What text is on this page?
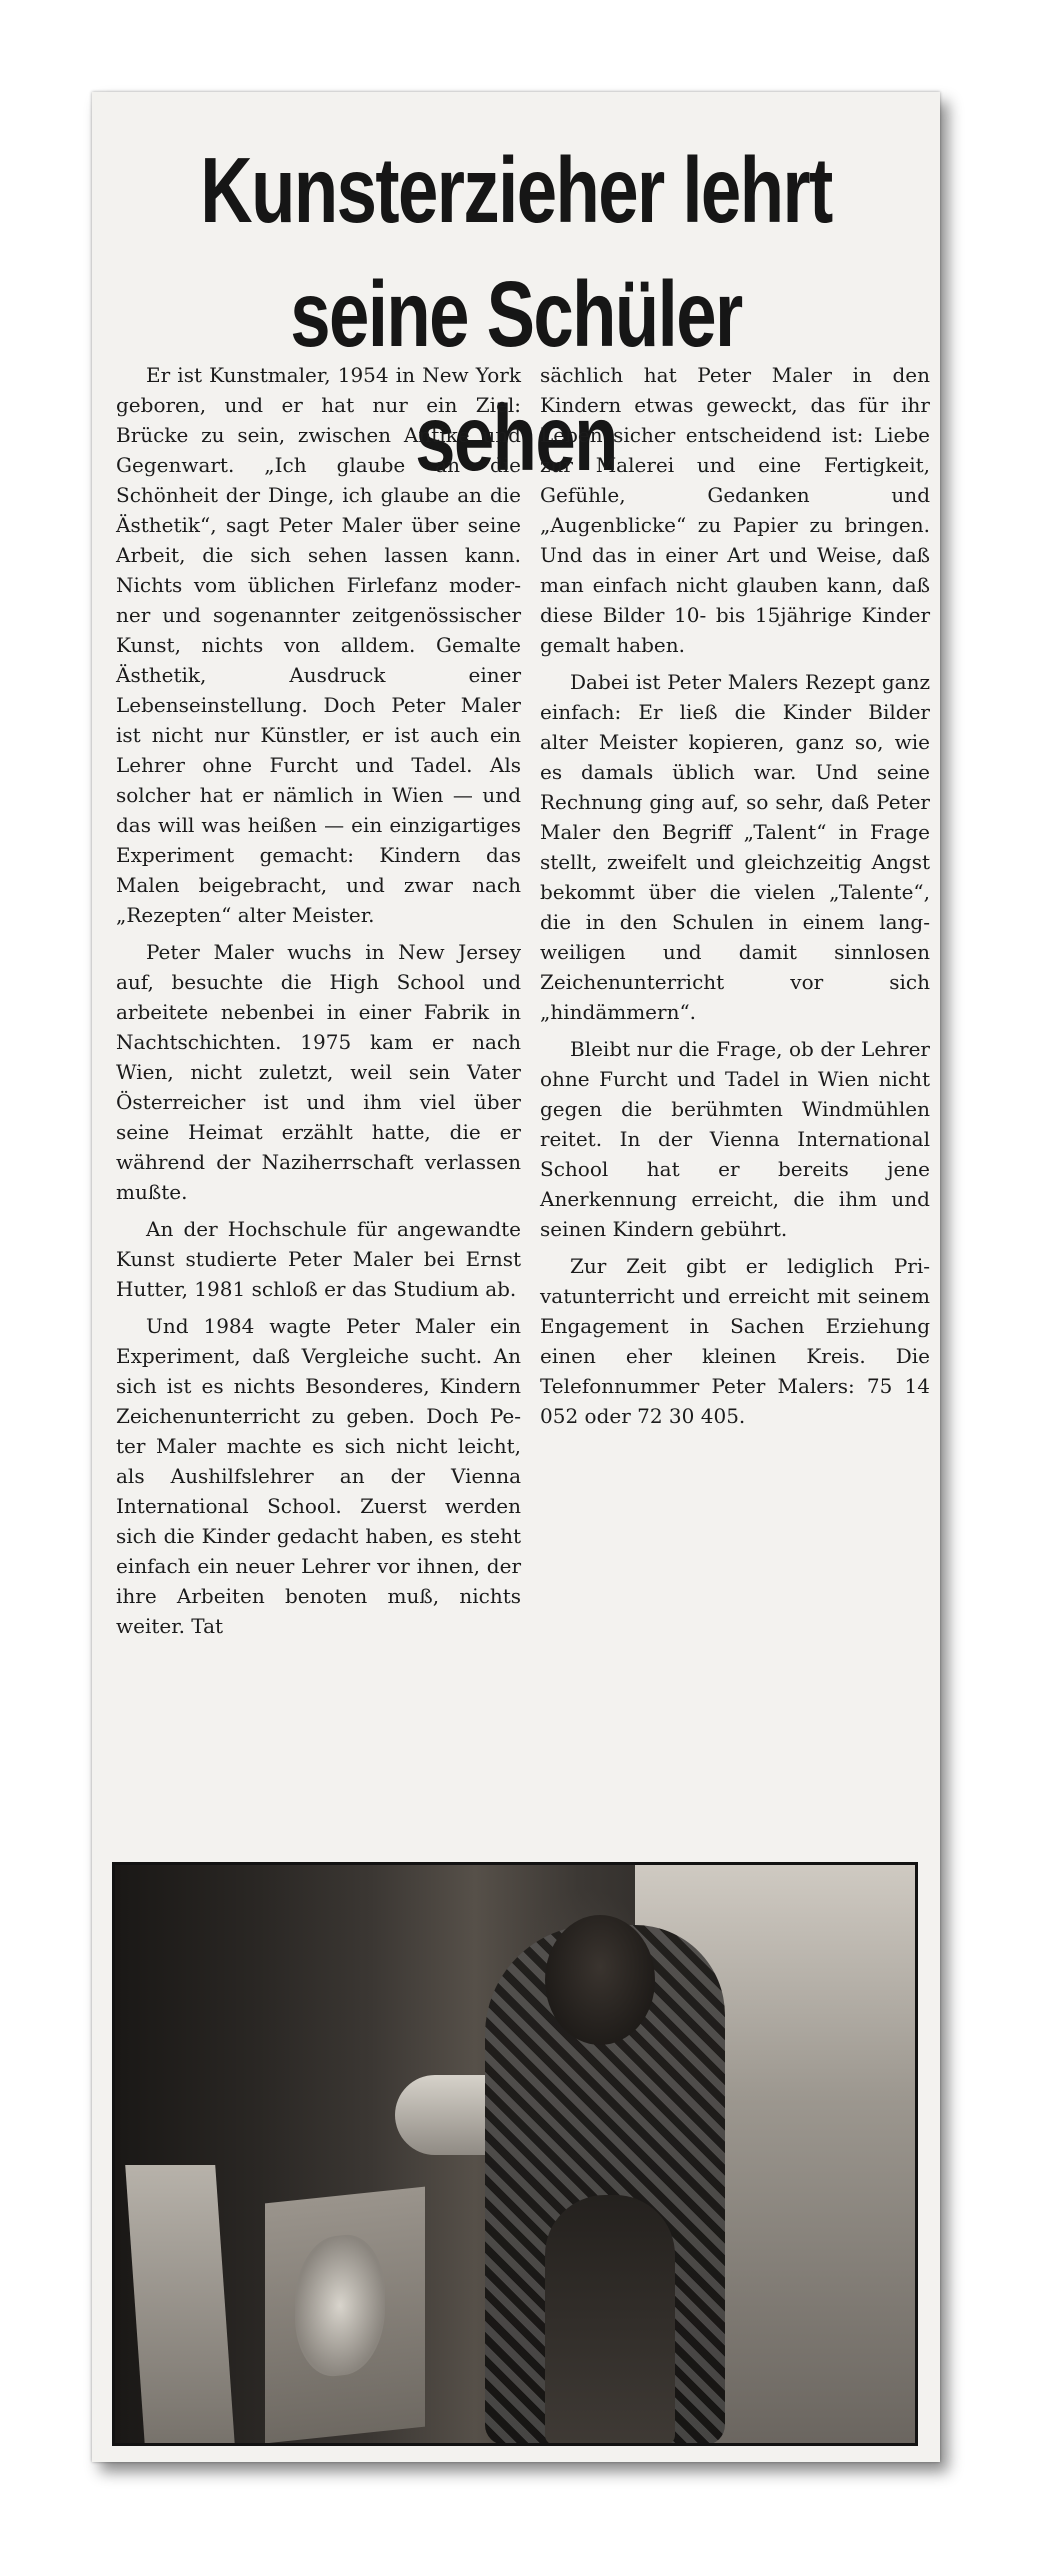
Kunsterzieher lehrt
seine Schüler sehen

Er ist Kunstmaler, 1954 in New York geboren, und er hat nur ein Ziel: Brücke zu sein, zwischen Antike und Gegenwart. „Ich glaube an die Schönheit der Dinge, ich glaube an die Ästhetik“, sagt Peter Maler über seine Arbeit, die sich sehen lassen kann. Nichts vom üblichen Firlefanz moderner und sogenannter zeitgenössischer Kunst, nichts von alldem. Gemalte Ästhetik, Ausdruck einer Lebenseinstellung. Doch Peter Maler ist nicht nur Künstler, er ist auch ein Lehrer ohne Furcht und Tadel. Als solcher hat er nämlich in Wien — und das will was heißen — ein einzigartiges Experiment gemacht: Kindern das Malen beigebracht, und zwar nach „Rezepten“ alter Meister.

Peter Maler wuchs in New Jersey auf, besuchte die High School und arbeitete nebenbei in einer Fabrik in Nachtschichten. 1975 kam er nach Wien, nicht zuletzt, weil sein Vater Österreicher ist und ihm viel über seine Heimat erzählt hatte, die er während der Naziherrschaft verlassen mußte.

An der Hochschule für angewandte Kunst studierte Peter Maler bei Ernst Hutter, 1981 schloß er das Studium ab.

Und 1984 wagte Peter Maler ein Experiment, daß Vergleiche sucht. An sich ist es nichts Besonderes, Kindern Zeichenunterricht zu geben. Doch Peter Maler machte es sich nicht leicht, als Aushilfslehrer an der Vienna International School. Zuerst werden sich die Kinder gedacht haben, es steht einfach ein neuer Lehrer vor ihnen, der ihre Arbeiten benoten muß, nichts weiter. Tat

sächlich hat Peter Maler in den Kindern etwas geweckt, das für ihr Leben sicher entscheidend ist: Liebe zur Malerei und eine Fertigkeit, Gefühle, Gedanken und „Augenblicke“ zu Papier zu bringen. Und das in einer Art und Weise, daß man einfach nicht glauben kann, daß diese Bilder 10- bis 15jährige Kinder gemalt haben.

Dabei ist Peter Malers Rezept ganz einfach: Er ließ die Kinder Bilder alter Meister kopieren, ganz so, wie es damals üblich war. Und seine Rechnung ging auf, so sehr, daß Peter Maler den Begriff „Talent“ in Frage stellt, zweifelt und gleichzeitig Angst bekommt über die vielen „Talente“, die in den Schulen in einem langweiligen und damit sinnlosen Zeichenunterricht vor sich „hindämmern“.

Bleibt nur die Frage, ob der Lehrer ohne Furcht und Tadel in Wien nicht gegen die berühmten Windmühlen reitet. In der Vienna International School hat er bereits jene Anerkennung erreicht, die ihm und seinen Kindern gebührt.

Zur Zeit gibt er lediglich Privatunterricht und erreicht mit seinem Engagement in Sachen Erziehung einen eher kleinen Kreis. Die Telefonnummer Peter Malers: 75 14 052 oder 72 30 405.
